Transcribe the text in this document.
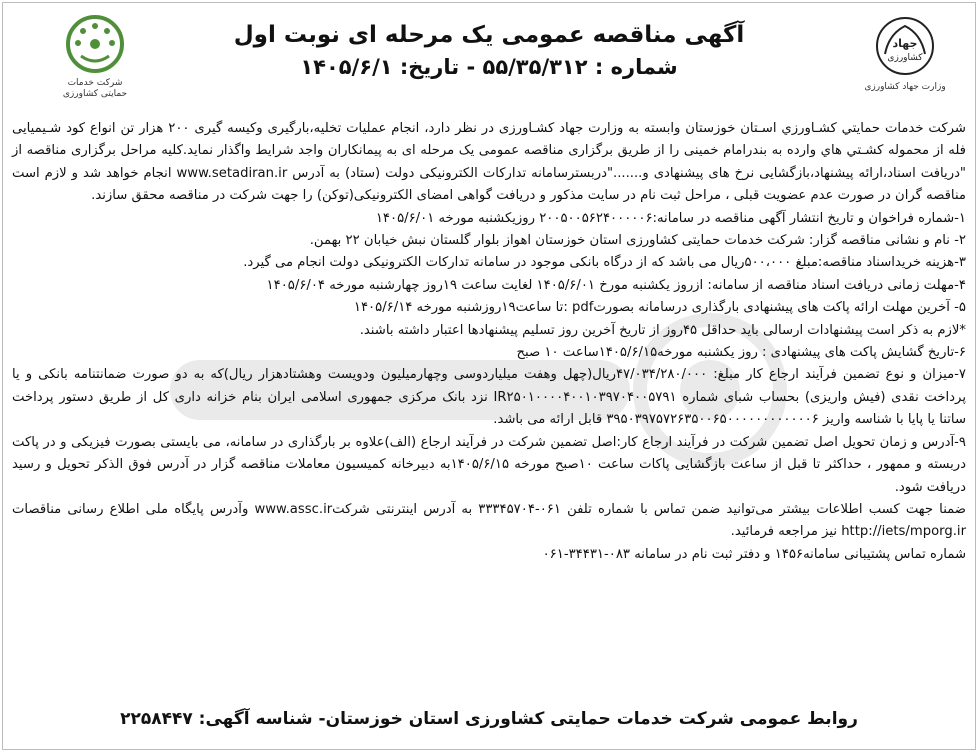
شرکت خدمات
حمایتی کشاورزی
آگهی مناقصه عمومی یک مرحله ای نوبت اول
شماره : ۵۵/۳۵/۳۱۲ - تاریخ: ۱۴۰۵/۶/۱
جهاد
کشاورزی
وزارت جهاد کشاورزی

شرکت خدمات حمايتي کشـاورزي اسـتان خوزستان وابسته به وزارت جهاد کشـاورزی در نظر دارد، انجام عملیات تخلیه،بارگیری وکیسه گیری ۲۰۰ هزار تن انواع کود شـیمیایی فله از محموله کشـتي هاي وارده به بندرامام خمینی را از طریق برگزاری مناقصه عمومی یک مرحله ای به پیمانکاران واجد شرایط واگذار نماید.کلیه مراحل برگزاری مناقصه از "دریافت اسناد،ارائه پیشنهاد،بازگشایی نرخ های پیشنهادی و......."دربسترسامانه تدارکات الکترونیکی دولت (ستاد) به آدرس www.setadiran.ir انجام خواهد شد و لازم است مناقصه گران در صورت عدم عضویت قبلی ، مراحل ثبت نام در سایت مذکور و دریافت گواهی امضای الکترونیکی(توکن) را جهت شرکت در مناقصه محقق سازند.

۱-شماره فراخوان و تاریخ انتشار آگهی مناقصه در سامانه:۲۰۰۵۰۰۵۶۲۴۰۰۰۰۰۶ روزیکشنبه مورخه ۱۴۰۵/۶/۰۱

۲- نام و نشانی مناقصه گزار: شرکت خدمات حمایتی کشاورزی استان خوزستان اهواز بلوار گلستان نبش خیابان ۲۲ بهمن.

۳-هزینه خریداسناد مناقصه:مبلغ ۵۰۰،۰۰۰ریال می باشد که از درگاه بانکی موجود در سامانه تدارکات الکترونیکی دولت انجام می گیرد.

۴-مهلت زمانی دریافت اسناد مناقصه از سامانه: ازروز یکشنبه مورخ ۱۴۰۵/۶/۰۱ لغایت ساعت ۱۹روز چهارشنبه مورخه ۱۴۰۵/۶/۰۴

۵- آخرین مهلت ارائه پاکت های پیشنهادی بارگذاری درسامانه بصورتpdf :تا ساعت۱۹روزشنبه مورخه ۱۴۰۵/۶/۱۴

*لازم به ذکر است پیشنهادات ارسالی باید حداقل ۴۵روز از تاریخ آخرین روز تسلیم پیشنهادها اعتبار داشته باشند.

۶-تاریخ گشایش پاکت های پیشنهادی : روز یکشنبه مورخه۱۴۰۵/۶/۱۵ساعت ۱۰ صبح

۷-میزان و نوع تضمین فرآیند ارجاع کار مبلغ: ۴۷/۰۳۴/۲۸۰/۰۰۰ریال(چهل وهفت میلیاردوسی وچهارمیلیون ودویست وهشتادهزار ریال)که به دو صورت ضمانتنامه بانکی و یا پرداخت نقدی (فیش واریزی) بحساب شبای شماره IR۲۵۰۱۰۰۰۰۴۰۰۱۰۳۹۷۰۴۰۰۵۷۹۱ نزد بانک مرکزی جمهوری اسلامی ایران بنام خزانه داری کل از طریق دستور پرداخت ساتنا یا پایا با شناسه واریز ۳۹۵۰۳۹۷۵۷۲۶۳۵۰۰۶۵۰۰۰۰۰۰۰۰۰۰۰۰۶ قابل ارائه می باشد.

۹-آدرس و زمان تحویل اصل تضمین شرکت در فرآیند ارجاع کار:اصل تضمین شرکت در فرآیند ارجاع (الف)علاوه بر بارگذاری در سامانه، می بایستی بصورت فیزیکی و در پاکت دربسته و ممهور ، حداکثر تا قبل از ساعت بازگشایی پاکات ساعت ۱۰صبح مورخه ۱۴۰۵/۶/۱۵به دبیرخانه کمیسیون معاملات مناقصه گزار در آدرس فوق الذکر تحویل و رسید دریافت شود.

ضمنا جهت کسب اطلاعات بیشتر می‌توانید ضمن تماس با شماره تلفن ۰۶۱-۳۳۳۴۵۷۰۴ به آدرس اینترنتی شرکتwww.assc.ir وآدرس پایگاه ملی اطلاع رسانی مناقصات http://iets/mporg.ir نیز مراجعه فرمائید.

شماره تماس پشتیبانی سامانه۱۴۵۶ و دفتر ثبت نام در سامانه ۰۸۳-۳۴۴۳۱-۰۶۱

روابط عمومی شرکت خدمات حمایتی کشاورزی استان خوزستان- شناسه آگهی: ۲۲۵۸۴۴۷
